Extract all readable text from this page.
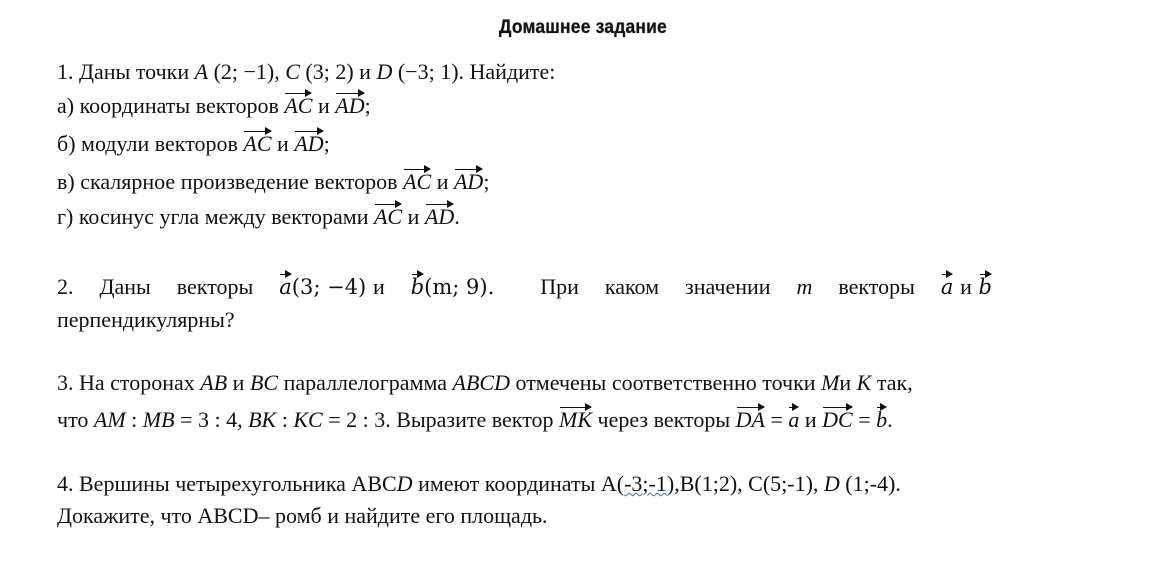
Домашнее задание
1. Даны точки A (2; −1), C (3; 2) и D (−3; 1). Найдите:
а) координаты векторов AC и AD;
б) модули векторов AC и AD;
в) скалярное произведение векторов AC и AD;
г) косинус угла между векторами AC и AD.
2. Даны векторы a(3; −4) и b(m; 9). При каком значении m векторы a и b
перпендикулярны?
3. На сторонах AB и BC параллелограмма ABCD отмечены соответственно точки Mи K так,
что AM : MB = 3 : 4, BK : KC = 2 : 3. Выразите вектор MK через векторы DA = a и DC = b.
4. Вершины четырехугольника АВСD имеют координаты А(-3;-1),В(1;2), С(5;-1), D (1;-4).
Докажите, что АВСD– ромб и найдите его площадь.
